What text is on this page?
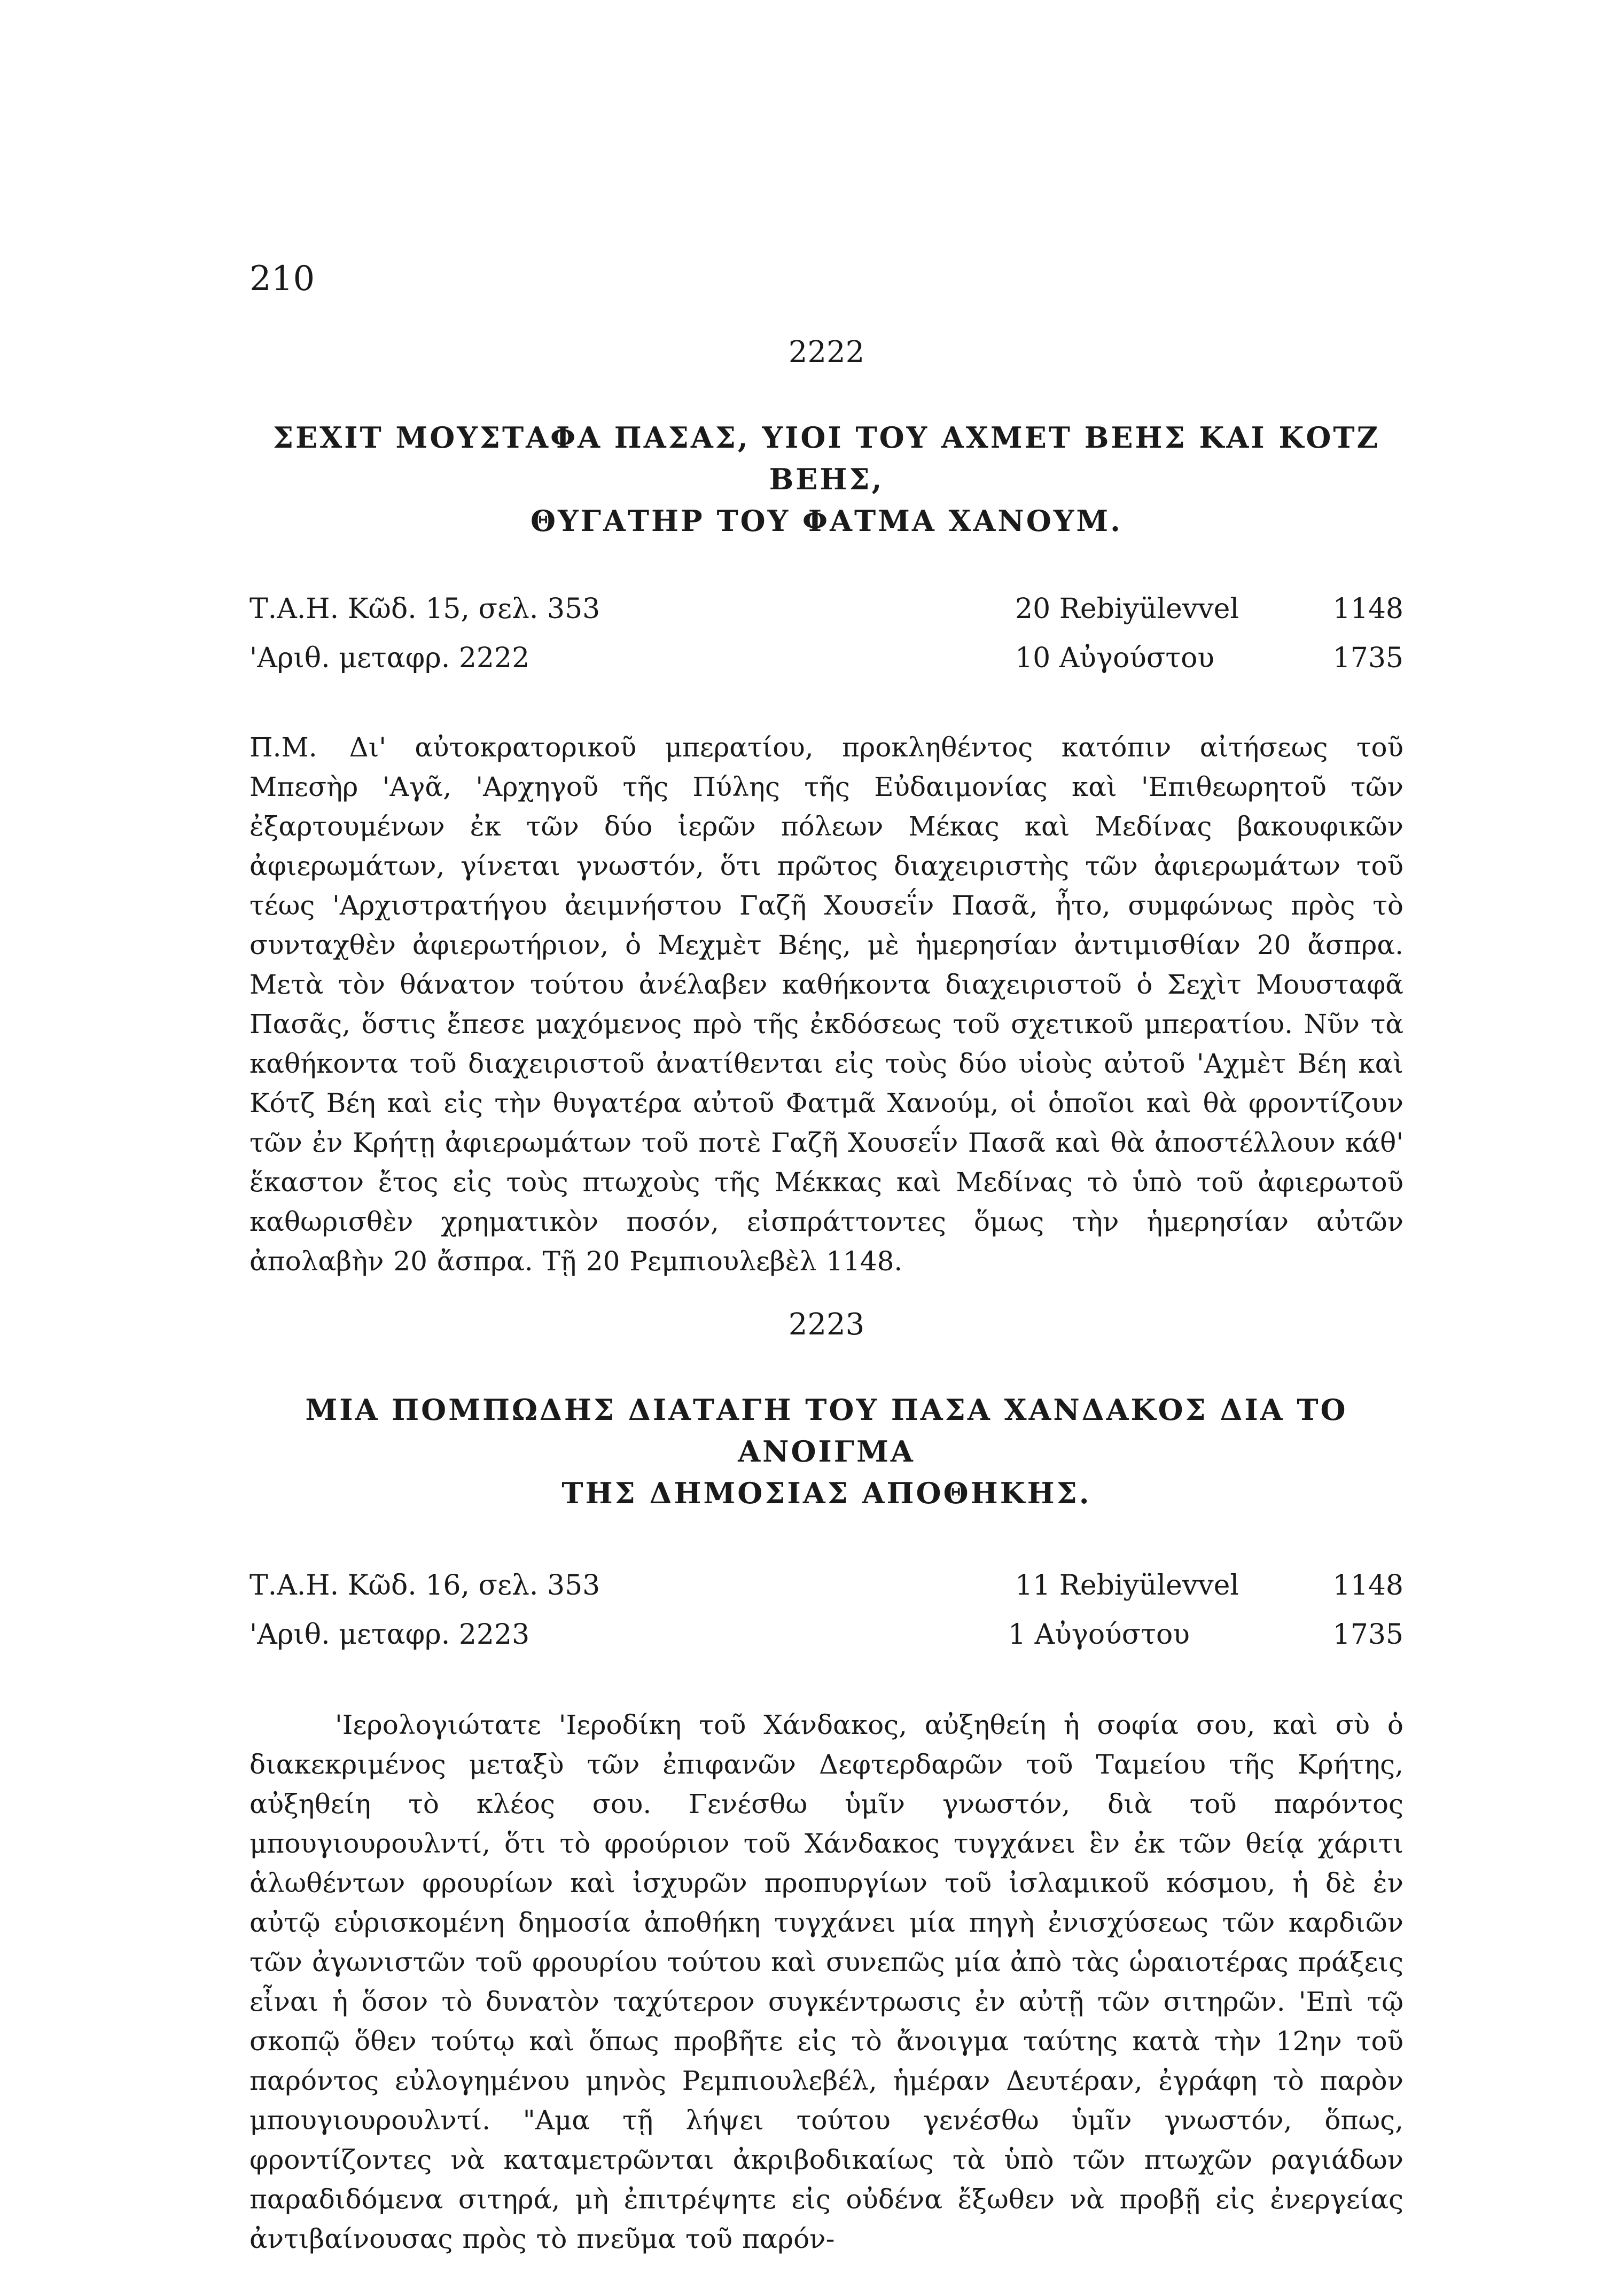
210

2222

ΣΕΧΙΤ ΜΟΥΣΤΑΦΑ ΠΑΣΑΣ, ΥΙΟΙ ΤΟΥ ΑΧΜΕΤ ΒΕΗΣ ΚΑΙ ΚΟΤΖ ΒΕΗΣ,
ΘΥΓΑΤΗΡ ΤΟΥ ΦΑΤΜΑ ΧΑΝΟΥΜ.
Τ.Α.Η. Κῶδ. 15, σελ. 353	20 Rebiyülevvel	1148
'Αριθ. μεταφρ. 2222	10 Αὐγούστου	1735

Π.Μ. Δι' αὐτοκρατορικοῦ μπερατίου, προκληθέντος κατόπιν αἰτήσεως τοῦ Μπεσὴρ 'Αγᾶ, 'Αρχηγοῦ τῆς Πύλης τῆς Εὐδαιμονίας καὶ 'Επιθεωρητοῦ τῶν ἐξαρτουμένων ἐκ τῶν δύο ἱερῶν πόλεων Μέκας καὶ Μεδίνας βακουφικῶν ἀφιερωμάτων, γίνεται γνωστόν, ὅτι πρῶτος διαχειριστὴς τῶν ἀφιερωμάτων τοῦ τέως 'Αρχιστρατήγου ἀειμνήστου Γαζῆ Χουσεΐν Πασᾶ, ἦτο, συμφώνως πρὸς τὸ συνταχθὲν ἀφιερωτήριον, ὁ Μεχμὲτ Βέης, μὲ ἡμερησίαν ἀντιμισθίαν 20 ἄσπρα. Μετὰ τὸν θάνατον τούτου ἀνέλαβεν καθήκοντα διαχειριστοῦ ὁ Σεχὶτ Μουσταφᾶ Πασᾶς, ὅστις ἔπεσε μαχόμενος πρὸ τῆς ἐκδόσεως τοῦ σχετικοῦ μπερατίου. Νῦν τὰ καθήκοντα τοῦ διαχειριστοῦ ἀνατίθενται εἰς τοὺς δύο υἱοὺς αὐτοῦ 'Αχμὲτ Βέη καὶ Κότζ Βέη καὶ εἰς τὴν θυγατέρα αὐτοῦ Φατμᾶ Χανούμ, οἱ ὁποῖοι καὶ θὰ φροντίζουν τῶν ἐν Κρήτῃ ἀφιερωμάτων τοῦ ποτὲ Γαζῆ Χουσεΐν Πασᾶ καὶ θὰ ἀποστέλλουν κάθ' ἕκαστον ἔτος εἰς τοὺς πτωχοὺς τῆς Μέκκας καὶ Μεδίνας τὸ ὑπὸ τοῦ ἀφιερωτοῦ καθωρισθὲν χρηματικὸν ποσόν, εἰσπράττοντες ὅμως τὴν ἡμερησίαν αὐτῶν ἀπολαβὴν 20 ἄσπρα. Τῇ 20 Ρεμπιουλεβὲλ 1148.

2223

ΜΙΑ ΠΟΜΠΩΔΗΣ ΔΙΑΤΑΓΗ ΤΟΥ ΠΑΣΑ ΧΑΝΔΑΚΟΣ ΔΙΑ ΤΟ ΑΝΟΙΓΜΑ
ΤΗΣ ΔΗΜΟΣΙΑΣ ΑΠΟΘΗΚΗΣ.
Τ.Α.Η. Κῶδ. 16, σελ. 353	11 Rebiyülevvel	1148
'Αριθ. μεταφρ. 2223	1 Αὐγούστου	1735

'Ιερολογιώτατε 'Ιεροδίκη τοῦ Χάνδακος, αὐξηθείη ἡ σοφία σου, καὶ σὺ ὁ διακεκριμένος μεταξὺ τῶν ἐπιφανῶν Δεφτερδαρῶν τοῦ Ταμείου τῆς Κρήτης, αὐξηθείη τὸ κλέος σου. Γενέσθω ὑμῖν γνωστόν, διὰ τοῦ παρόντος μπουγιουρουλντί, ὅτι τὸ φρούριον τοῦ Χάνδακος τυγχάνει ἓν ἐκ τῶν θείᾳ χάριτι ἁλωθέντων φρουρίων καὶ ἰσχυρῶν προπυργίων τοῦ ἰσλαμικοῦ κόσμου, ἡ δὲ ἐν αὐτῷ εὑρισκομένη δημοσία ἀποθήκη τυγχάνει μία πηγὴ ἐνισχύσεως τῶν καρδιῶν τῶν ἀγωνιστῶν τοῦ φρουρίου τούτου καὶ συνεπῶς μία ἀπὸ τὰς ὡραιοτέρας πράξεις εἶναι ἡ ὅσον τὸ δυνατὸν ταχύτερον συγκέντρωσις ἐν αὐτῇ τῶν σιτηρῶν. 'Επὶ τῷ σκοπῷ ὅθεν τούτῳ καὶ ὅπως προβῆτε εἰς τὸ ἄνοιγμα ταύτης κατὰ τὴν 12ην τοῦ παρόντος εὐλογημένου μηνὸς Ρεμπιουλεβέλ, ἡμέραν Δευτέραν, ἐγράφη τὸ παρὸν μπουγιουρουλντί. "Αμα τῇ λήψει τούτου γενέσθω ὑμῖν γνωστόν, ὅπως, φροντίζοντες νὰ καταμετρῶνται ἀκριβοδικαίως τὰ ὑπὸ τῶν πτωχῶν ραγιάδων παραδιδόμενα σιτηρά, μὴ ἐπιτρέψητε εἰς οὐδένα ἔξωθεν νὰ προβῇ εἰς ἐνεργείας ἀντιβαίνουσας πρὸς τὸ πνεῦμα τοῦ παρόν-
